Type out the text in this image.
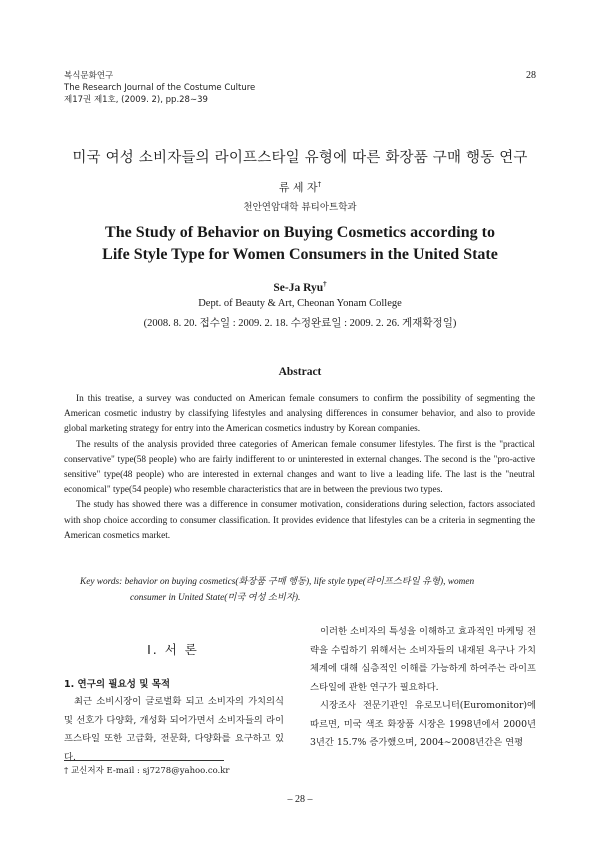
복식문화연구
The Research Journal of the Costume Culture
제17권 제1호, (2009. 2), pp.28∼39
28
미국 여성 소비자들의 라이프스타일 유형에 따른 화장품 구매 행동 연구
류 세 자†
천안연암대학 뷰티아트학과
The Study of Behavior on Buying Cosmetics according to
Life Style Type for Women Consumers in the United State
Se-Ja Ryu†
Dept. of Beauty & Art, Cheonan Yonam College
(2008. 8. 20. 접수일 : 2009. 2. 18. 수정완료일 : 2009. 2. 26. 게재확정일)
Abstract

In this treatise, a survey was conducted on American female consumers to confirm the possibility of segmenting the American cosmetic industry by classifying lifestyles and analysing differences in consumer behavior, and also to provide global marketing strategy for entry into the American cosmetics industry by Korean companies.

The results of the analysis provided three categories of American female consumer lifestyles. The first is the "practical conservative" type(58 people) who are fairly indifferent to or uninterested in external changes. The second is the "pro-active sensitive" type(48 people) who are interested in external changes and want to live a leading life. The last is the "neutral economical" type(54 people) who resemble characteristics that are in between the previous two types.

The study has showed there was a difference in consumer motivation, considerations during selection, factors associated with shop choice according to consumer classification. It provides evidence that lifestyles can be a criteria in segmenting the American cosmetics market.

Key words: behavior on buying cosmetics(화장품 구매 행동), life style type(라이프스타일 유형), women
consumer in United State(미국 여성 소비자).
Ⅰ. 서 론
1. 연구의 필요성 및 목적

최근 소비시장이 글로벌화 되고 소비자의 가치의식 및 선호가 다양화, 개성화 되어가면서 소비자들의 라이프스타일 또한 고급화, 전문화, 다양화를 요구하고 있다.

이러한 소비자의 특성을 이해하고 효과적인 마케팅 전략을 수립하기 위해서는 소비자들의 내재된 욕구나 가치체계에 대해 심층적인 이해를 가능하게 하여주는 라이프스타일에 관한 연구가 필요하다.

시장조사 전문기관인 유로모니터(Euromonitor)에 따르면, 미국 색조 화장품 시장은 1998년에서 2000년 3년간 15.7% 증가했으며, 2004∼2008년간은 연평

† 교신저자 E-mail : sj7278@yahoo.co.kr
– 28 –
